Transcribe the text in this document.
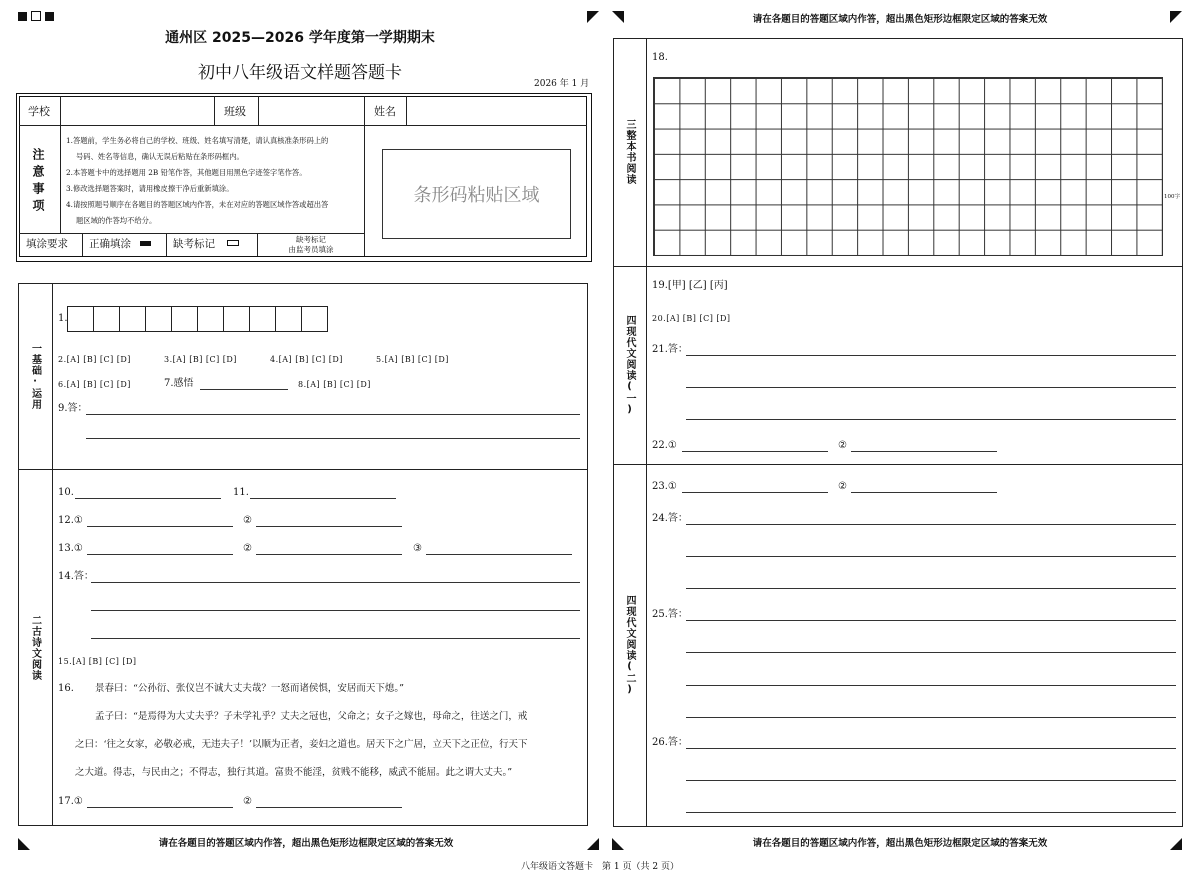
通州区 2025—2026 学年度第一学期期末
初中八年级语文样题答题卡
2026 年 1 月
学校	班级	姓名
注意事项
1.答题前，学生务必将自己的学校、班级、姓名填写清楚，请认真核准条形码上的
号码、姓名等信息，确认无误后粘贴在条形码框内。
2.本答题卡中的选择题用 2B 铅笔作答，其他题目用黑色字迹签字笔作答。
3.修改选择题答案时，请用橡皮擦干净后重新填涂。
4.请按照题号顺序在各题目的答题区域内作答，未在对应的答题区域作答或超出答
题区域的作答均不给分。
条形码粘贴区域
填涂要求 正确填涂	缺考标记	缺考标记
由监考员填涂
一基础·运用
1.
2.[A] [B] [C] [D]	3.[A] [B] [C] [D]	4.[A] [B] [C] [D]	5.[A] [B] [C] [D]
6.[A] [B] [C] [D]	7.感悟	8.[A] [B] [C] [D]
9.答：
二古诗文阅读
10.	11.
12.①	②
13.①	②	③
14.答：
15.[A] [B] [C] [D]
16. 景春曰：“公孙衍、张仪岂不诚大丈夫哉？一怒而诸侯惧，安居而天下熄。”
孟子曰：“是焉得为大丈夫乎？子未学礼乎？丈夫之冠也，父命之；女子之嫁也，母命之，往送之门，戒
之曰：‘往之女家，必敬必戒，无违夫子！’以顺为正者，妾妇之道也。居天下之广居，立天下之正位，行天下
之大道。得志，与民由之；不得志，独行其道。富贵不能淫，贫贱不能移，威武不能屈。此之谓大丈夫。”
17.①	②
请在各题目的答题区域内作答，超出黑色矩形边框限定区域的答案无效
请在各题目的答题区域内作答，超出黑色矩形边框限定区域的答案无效
三整本书阅读
18.
100字
四现代文阅读(一)
19.[甲] [乙] [丙]
20.[A] [B] [C] [D]
21.答：
22.①	②
四现代文阅读(二)
23.①	②
24.答：
25.答：
26.答：
请在各题目的答题区域内作答，超出黑色矩形边框限定区域的答案无效
八年级语文答题卡　第 1 页（共 2 页）
